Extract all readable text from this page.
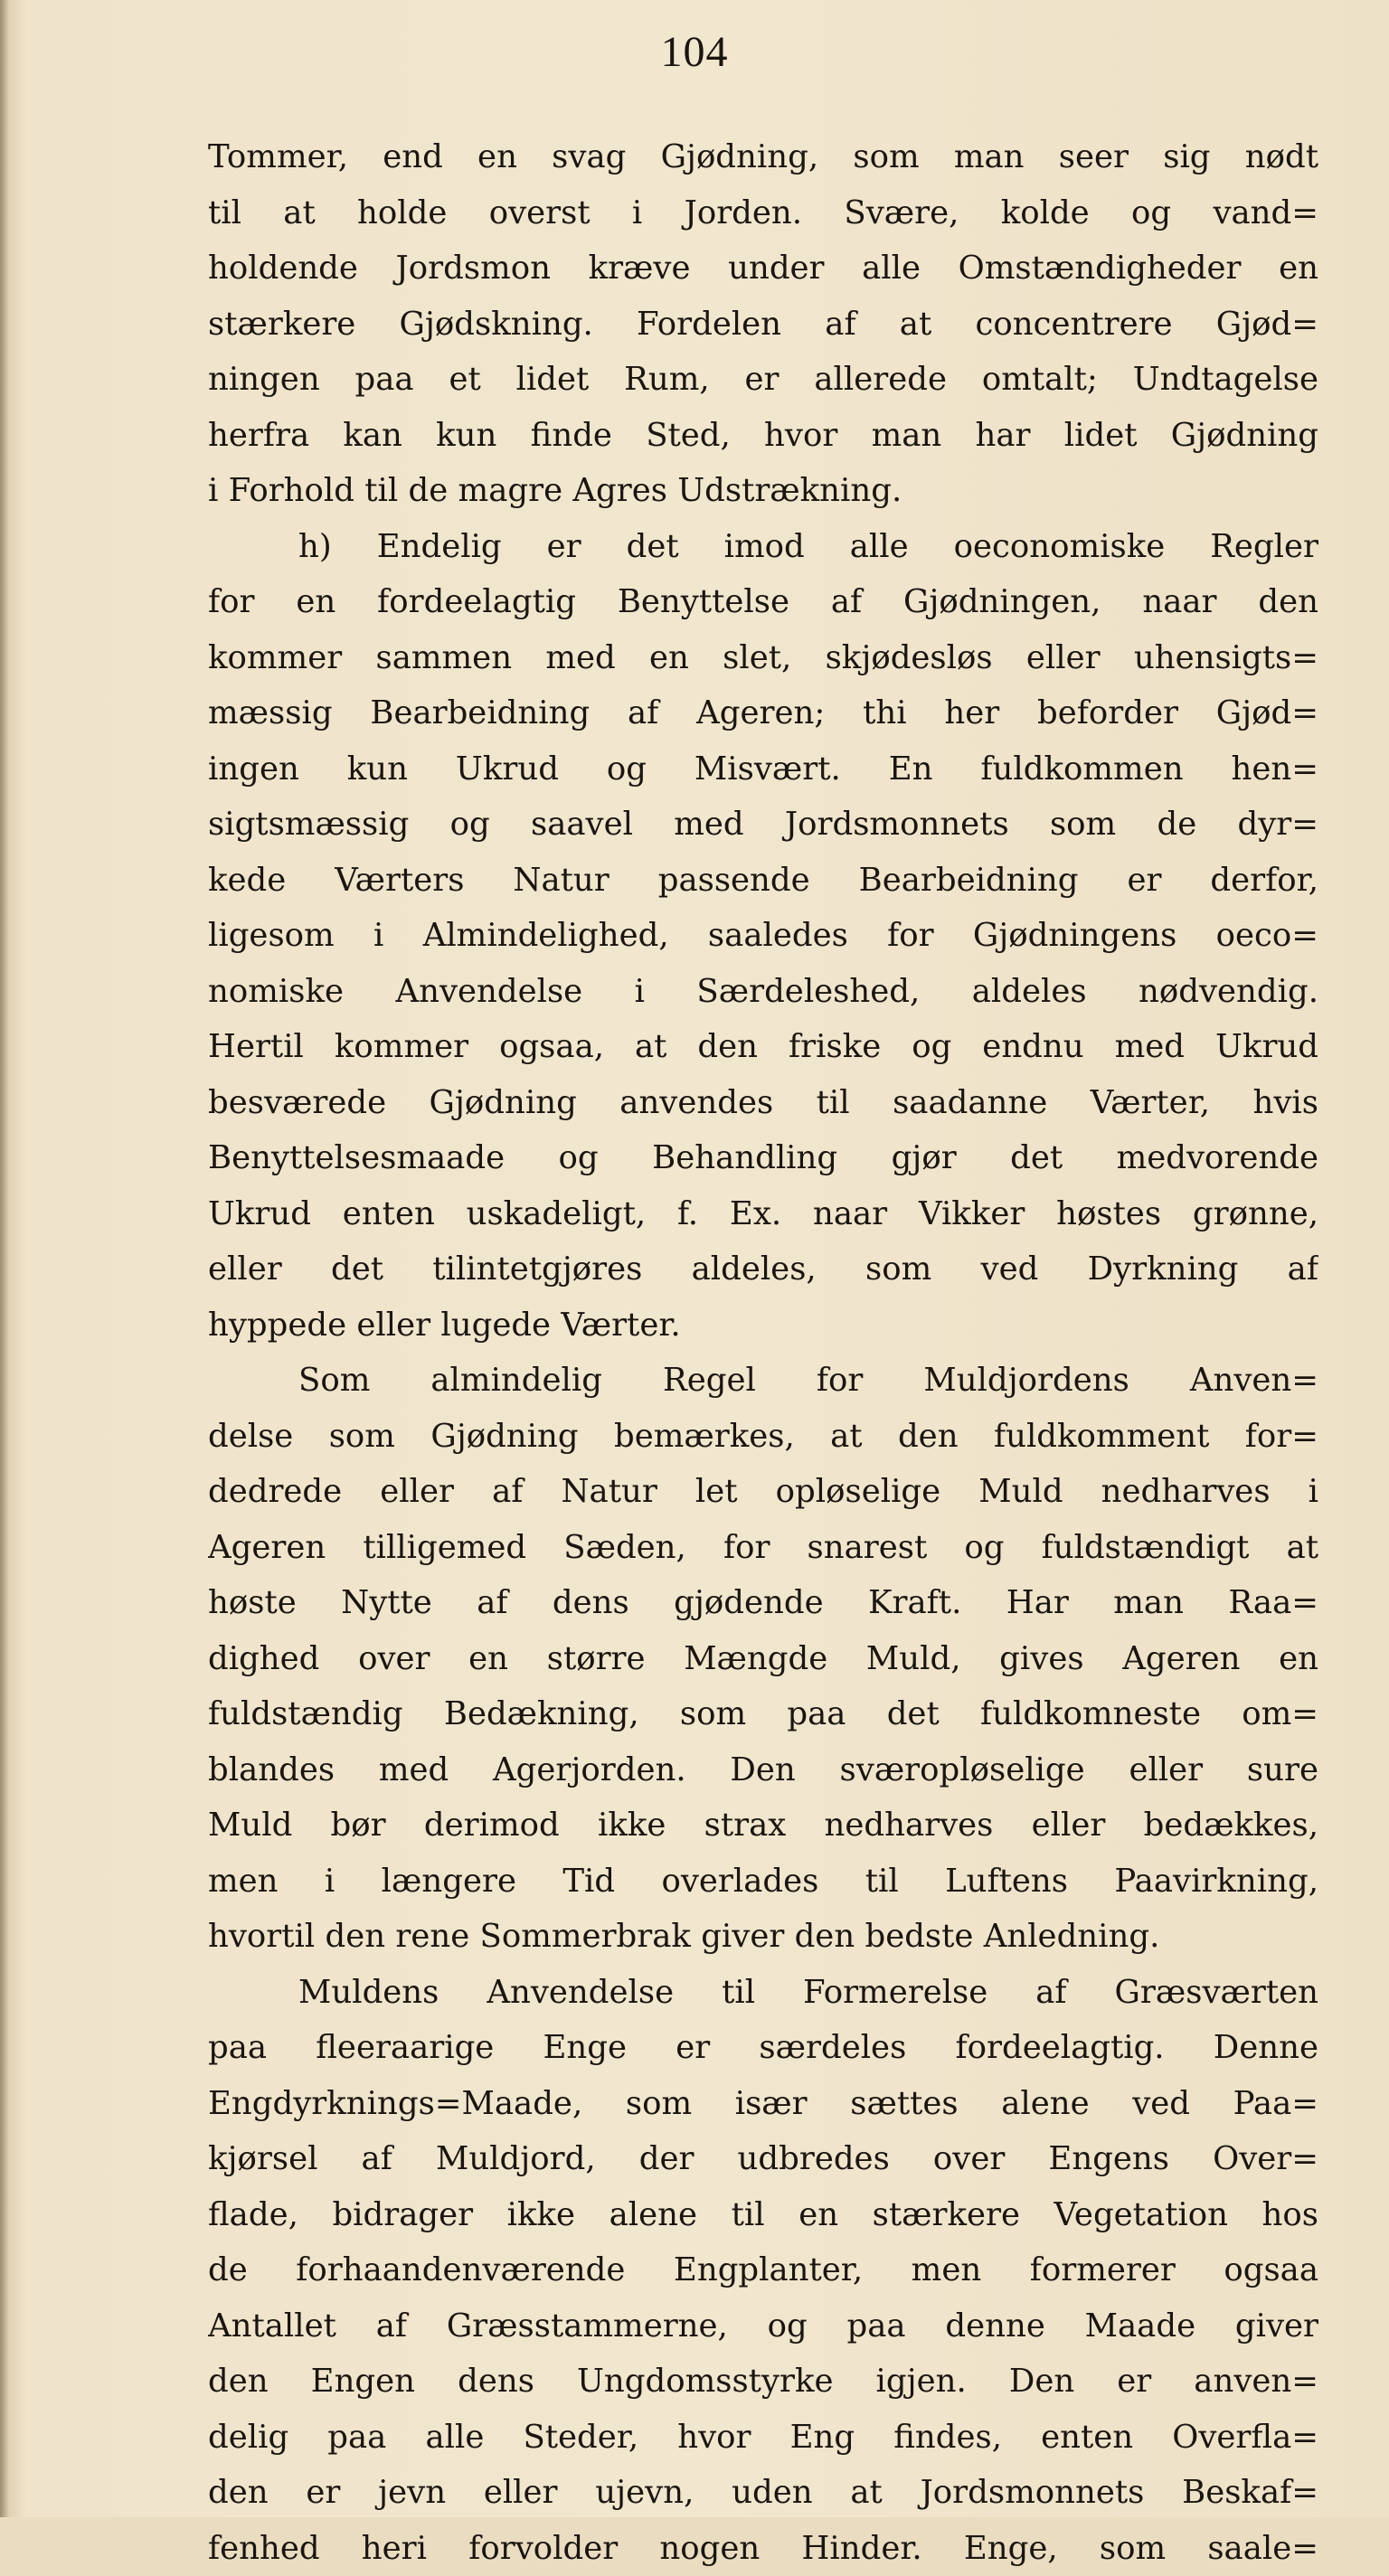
104
Tommer, end en svag Gjødning, som man seer sig nødt
til at holde overst i Jorden. Svære, kolde og vand=
holdende Jordsmon kræve under alle Omstændigheder en
stærkere Gjødskning. Fordelen af at concentrere Gjød=
ningen paa et lidet Rum, er allerede omtalt; Undtagelse
herfra kan kun finde Sted, hvor man har lidet Gjødning
i Forhold til de magre Agres Udstrækning.
h) Endelig er det imod alle oeconomiske Regler
for en fordeelagtig Benyttelse af Gjødningen, naar den
kommer sammen med en slet, skjødesløs eller uhensigts=
mæssig Bearbeidning af Ageren; thi her beforder Gjød=
ingen kun Ukrud og Misvært. En fuldkommen hen=
sigtsmæssig og saavel med Jordsmonnets som de dyr=
kede Værters Natur passende Bearbeidning er derfor,
ligesom i Almindelighed, saaledes for Gjødningens oeco=
nomiske Anvendelse i Særdeleshed, aldeles nødvendig.
Hertil kommer ogsaa, at den friske og endnu med Ukrud
besværede Gjødning anvendes til saadanne Værter, hvis
Benyttelsesmaade og Behandling gjør det medvorende
Ukrud enten uskadeligt, f. Ex. naar Vikker høstes grønne,
eller det tilintetgjøres aldeles, som ved Dyrkning af
hyppede eller lugede Værter.
Som almindelig Regel for Muldjordens Anven=
delse som Gjødning bemærkes, at den fuldkomment for=
dedrede eller af Natur let opløselige Muld nedharves i
Ageren tilligemed Sæden, for snarest og fuldstændigt at
høste Nytte af dens gjødende Kraft. Har man Raa=
dighed over en større Mængde Muld, gives Ageren en
fuldstændig Bedækning, som paa det fuldkomneste om=
blandes med Agerjorden. Den sværopløselige eller sure
Muld bør derimod ikke strax nedharves eller bedækkes,
men i længere Tid overlades til Luftens Paavirkning,
hvortil den rene Sommerbrak giver den bedste Anledning.
Muldens Anvendelse til Formerelse af Græsværten
paa fleeraarige Enge er særdeles fordeelagtig. Denne
Engdyrknings=Maade, som især sættes alene ved Paa=
kjørsel af Muldjord, der udbredes over Engens Over=
flade, bidrager ikke alene til en stærkere Vegetation hos
de forhaandenværende Engplanter, men formerer ogsaa
Antallet af Græsstammerne, og paa denne Maade giver
den Engen dens Ungdomsstyrke igjen. Den er anven=
delig paa alle Steder, hvor Eng findes, enten Overfla=
den er jevn eller ujevn, uden at Jordsmonnets Beskaf=
fenhed heri forvolder nogen Hinder. Enge, som saale=
